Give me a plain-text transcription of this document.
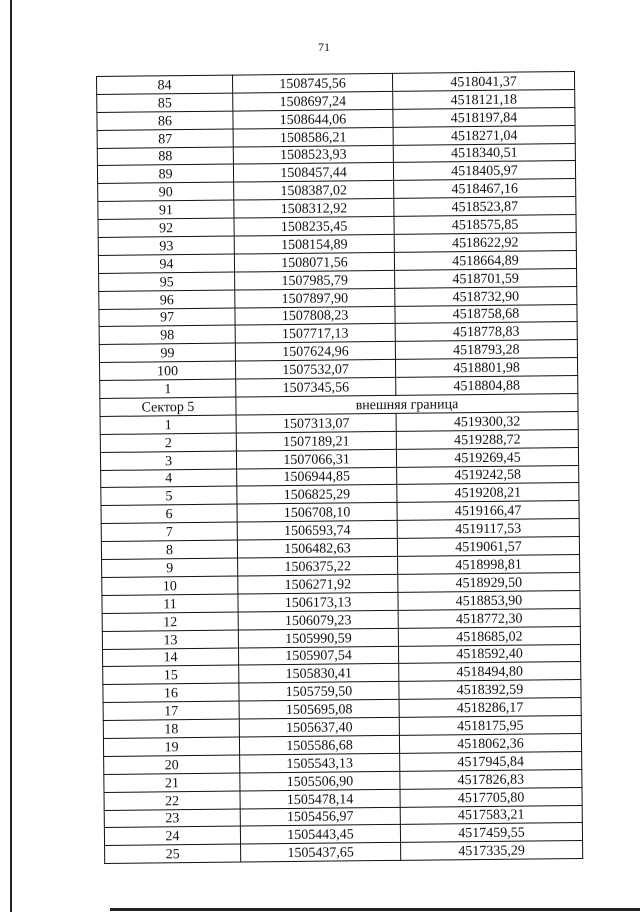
71
84	1508745,56	4518041,37
85	1508697,24	4518121,18
86	1508644,06	4518197,84
87	1508586,21	4518271,04
88	1508523,93	4518340,51
89	1508457,44	4518405,97
90	1508387,02	4518467,16
91	1508312,92	4518523,87
92	1508235,45	4518575,85
93	1508154,89	4518622,92
94	1508071,56	4518664,89
95	1507985,79	4518701,59
96	1507897,90	4518732,90
97	1507808,23	4518758,68
98	1507717,13	4518778,83
99	1507624,96	4518793,28
100	1507532,07	4518801,98
1	1507345,56	4518804,88
Сектор 5	внешняя граница	
1	1507313,07	4519300,32
2	1507189,21	4519288,72
3	1507066,31	4519269,45
4	1506944,85	4519242,58
5	1506825,29	4519208,21
6	1506708,10	4519166,47
7	1506593,74	4519117,53
8	1506482,63	4519061,57
9	1506375,22	4518998,81
10	1506271,92	4518929,50
11	1506173,13	4518853,90
12	1506079,23	4518772,30
13	1505990,59	4518685,02
14	1505907,54	4518592,40
15	1505830,41	4518494,80
16	1505759,50	4518392,59
17	1505695,08	4518286,17
18	1505637,40	4518175,95
19	1505586,68	4518062,36
20	1505543,13	4517945,84
21	1505506,90	4517826,83
22	1505478,14	4517705,80
23	1505456,97	4517583,21
24	1505443,45	4517459,55
25	1505437,65	4517335,29
